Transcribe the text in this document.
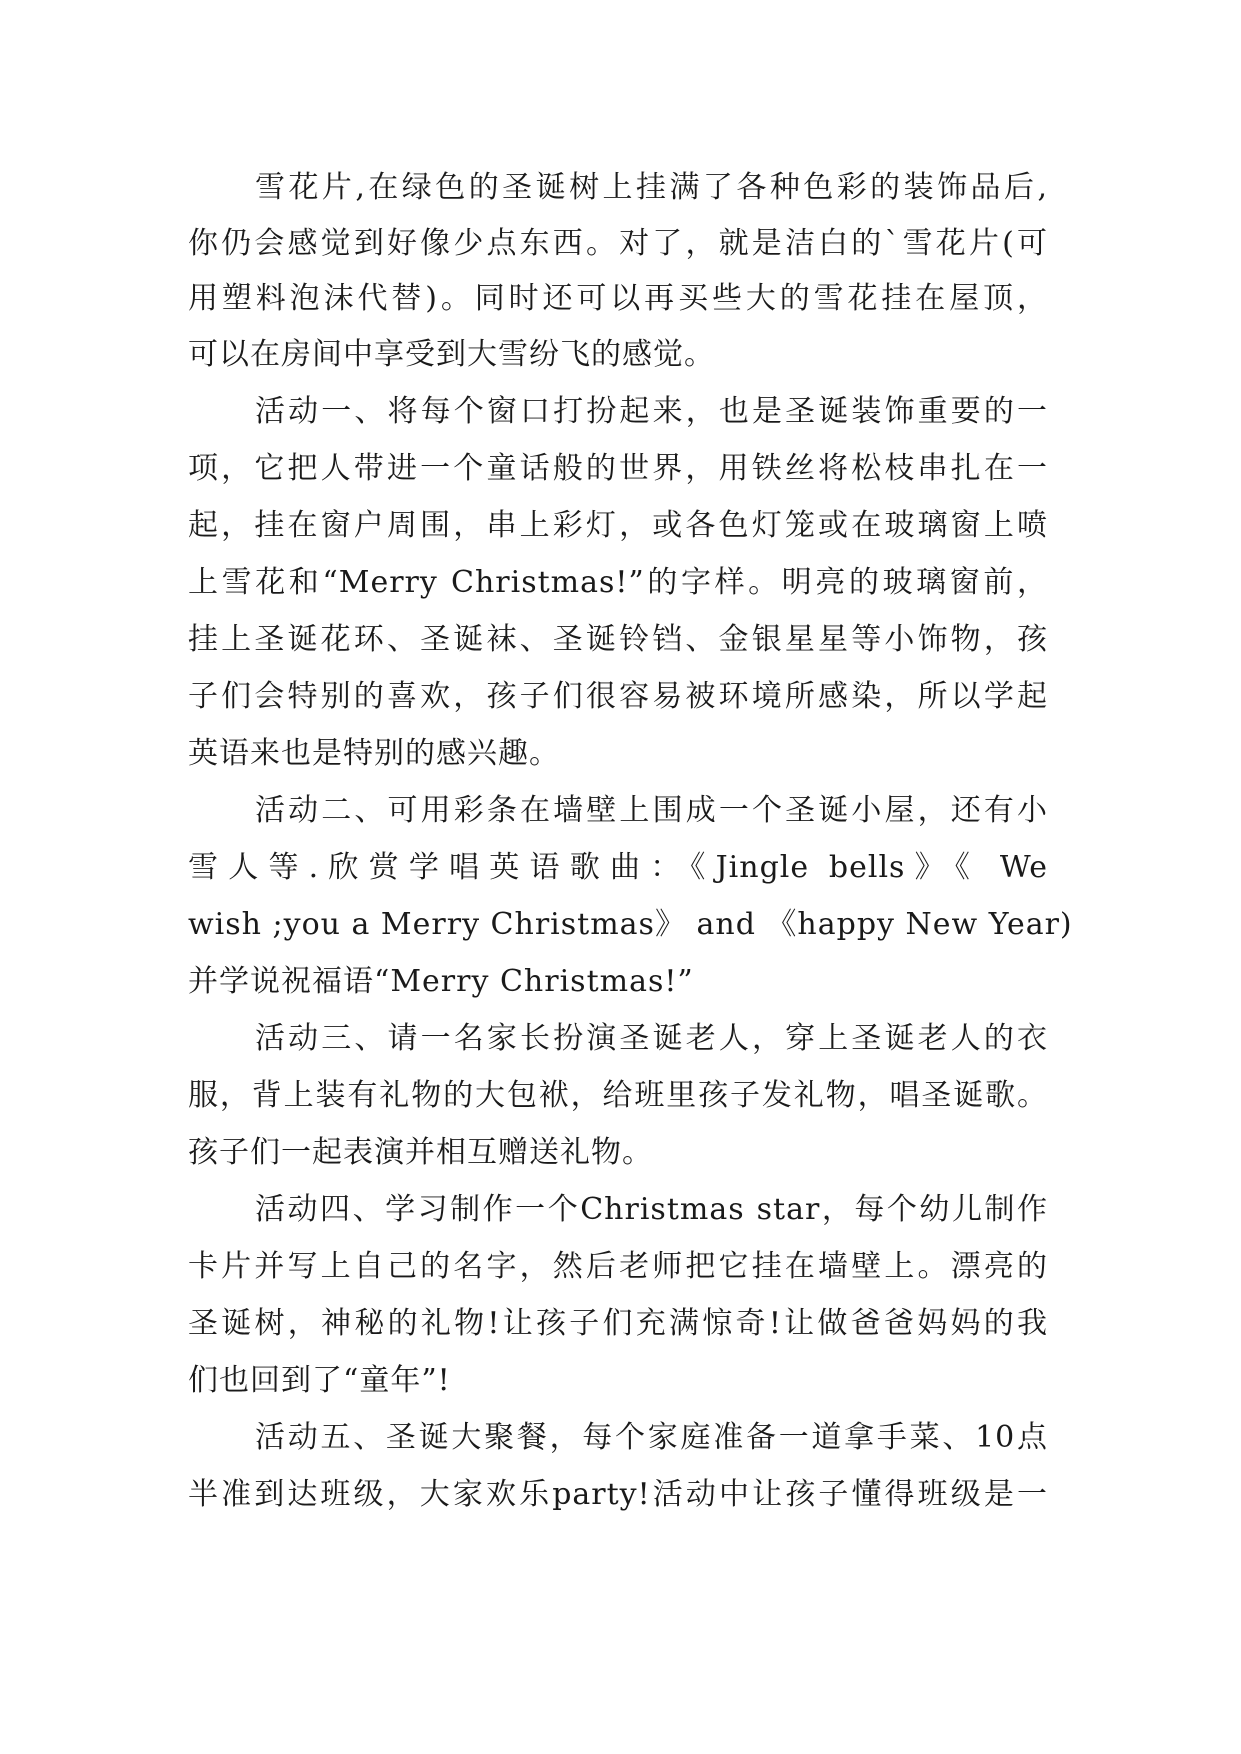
雪花片,在绿色的圣诞树上挂满了各种色彩的装饰品后,
你仍会感觉到好像少点东西。对了，就是洁白的`雪花片(可
用塑料泡沫代替)。同时还可以再买些大的雪花挂在屋顶，
可以在房间中享受到大雪纷飞的感觉。
活动一、将每个窗口打扮起来，也是圣诞装饰重要的一
项，它把人带进一个童话般的世界，用铁丝将松枝串扎在一
起，挂在窗户周围，串上彩灯，或各色灯笼或在玻璃窗上喷
上雪花和“Merry Christmas!”的字样。明亮的玻璃窗前，
挂上圣诞花环、圣诞袜、圣诞铃铛、金银星星等小饰物，孩
子们会特别的喜欢，孩子们很容易被环境所感染，所以学起
英语来也是特别的感兴趣。
活动二、可用彩条在墙壁上围成一个圣诞小屋，还有小
雪人等.欣赏学唱英语歌曲：《Jingle bells》《 We
wish ;you a Merry Christmas》 and 《happy New Year)
并学说祝福语“Merry Christmas!”
活动三、请一名家长扮演圣诞老人，穿上圣诞老人的衣
服，背上装有礼物的大包袱，给班里孩子发礼物，唱圣诞歌。
孩子们一起表演并相互赠送礼物。
活动四、学习制作一个Christmas star，每个幼儿制作
卡片并写上自己的名字，然后老师把它挂在墙壁上。漂亮的
圣诞树，神秘的礼物!让孩子们充满惊奇!让做爸爸妈妈的我
们也回到了“童年”!
活动五、圣诞大聚餐，每个家庭准备一道拿手菜、10点
半准到达班级，大家欢乐party!活动中让孩子懂得班级是一
